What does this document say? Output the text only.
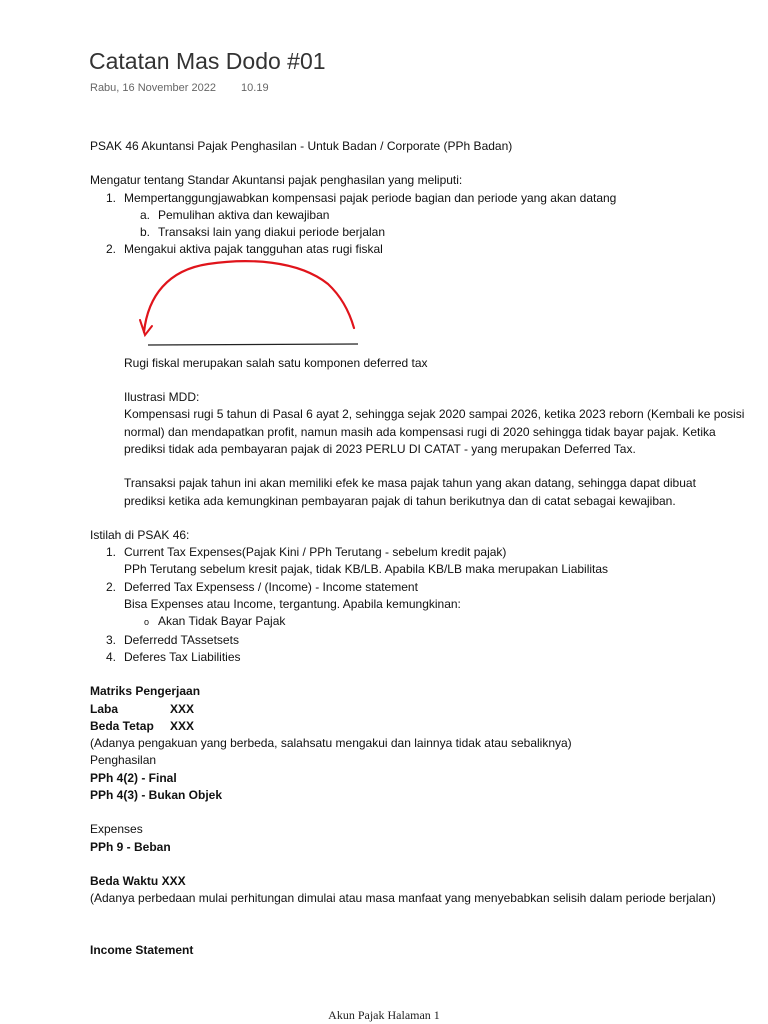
Catatan Mas Dodo #01
Rabu, 16 November 2022 10.19

PSAK 46 Akuntansi Pajak Penghasilan - Untuk Badan / Corporate (PPh Badan)

Mengatur tentang Standar Akuntansi pajak penghasilan yang meliputi:

1. Mempertanggungjawabkan kompensasi pajak periode bagian dan periode yang akan datang

a. Pemulihan aktiva dan kewajiban

b. Transaksi lain yang diakui periode berjalan

2. Mengakui aktiva pajak tangguhan atas rugi fiskal

Rugi fiskal merupakan salah satu komponen deferred tax

Ilustrasi MDD:

Kompensasi rugi 5 tahun di Pasal 6 ayat 2, sehingga sejak 2020 sampai 2026, ketika 2023 reborn (Kembali ke posisi

normal) dan mendapatkan profit, namun masih ada kompensasi rugi di 2020 sehingga tidak bayar pajak. Ketika

prediksi tidak ada pembayaran pajak di 2023 PERLU DI CATAT - yang merupakan Deferred Tax.

Transaksi pajak tahun ini akan memiliki efek ke masa pajak tahun yang akan datang, sehingga dapat dibuat

prediksi ketika ada kemungkinan pembayaran pajak di tahun berikutnya dan di catat sebagai kewajiban.

Istilah di PSAK 46:

1. Current Tax Expenses(Pajak Kini / PPh Terutang - sebelum kredit pajak)

PPh Terutang sebelum kresit pajak, tidak KB/LB. Apabila KB/LB maka merupakan Liabilitas

2. Deferred Tax Expensess / (Income) - Income statement

Bisa Expenses atau Income, tergantung. Apabila kemungkinan:

o Akan Tidak Bayar Pajak

3. Deferredd TAssetsets

4. Deferes Tax Liabilities

Matriks Pengerjaan

Laba	XXX

Beda Tetap XXX

(Adanya pengakuan yang berbeda, salahsatu mengakui dan lainnya tidak atau sebaliknya)

Penghasilan

PPh 4(2) - Final

PPh 4(3) - Bukan Objek

Expenses

PPh 9 - Beban

Beda Waktu XXX

(Adanya perbedaan mulai perhitungan dimulai atau masa manfaat yang menyebabkan selisih dalam periode berjalan)

Income Statement

Akun Pajak Halaman 1
